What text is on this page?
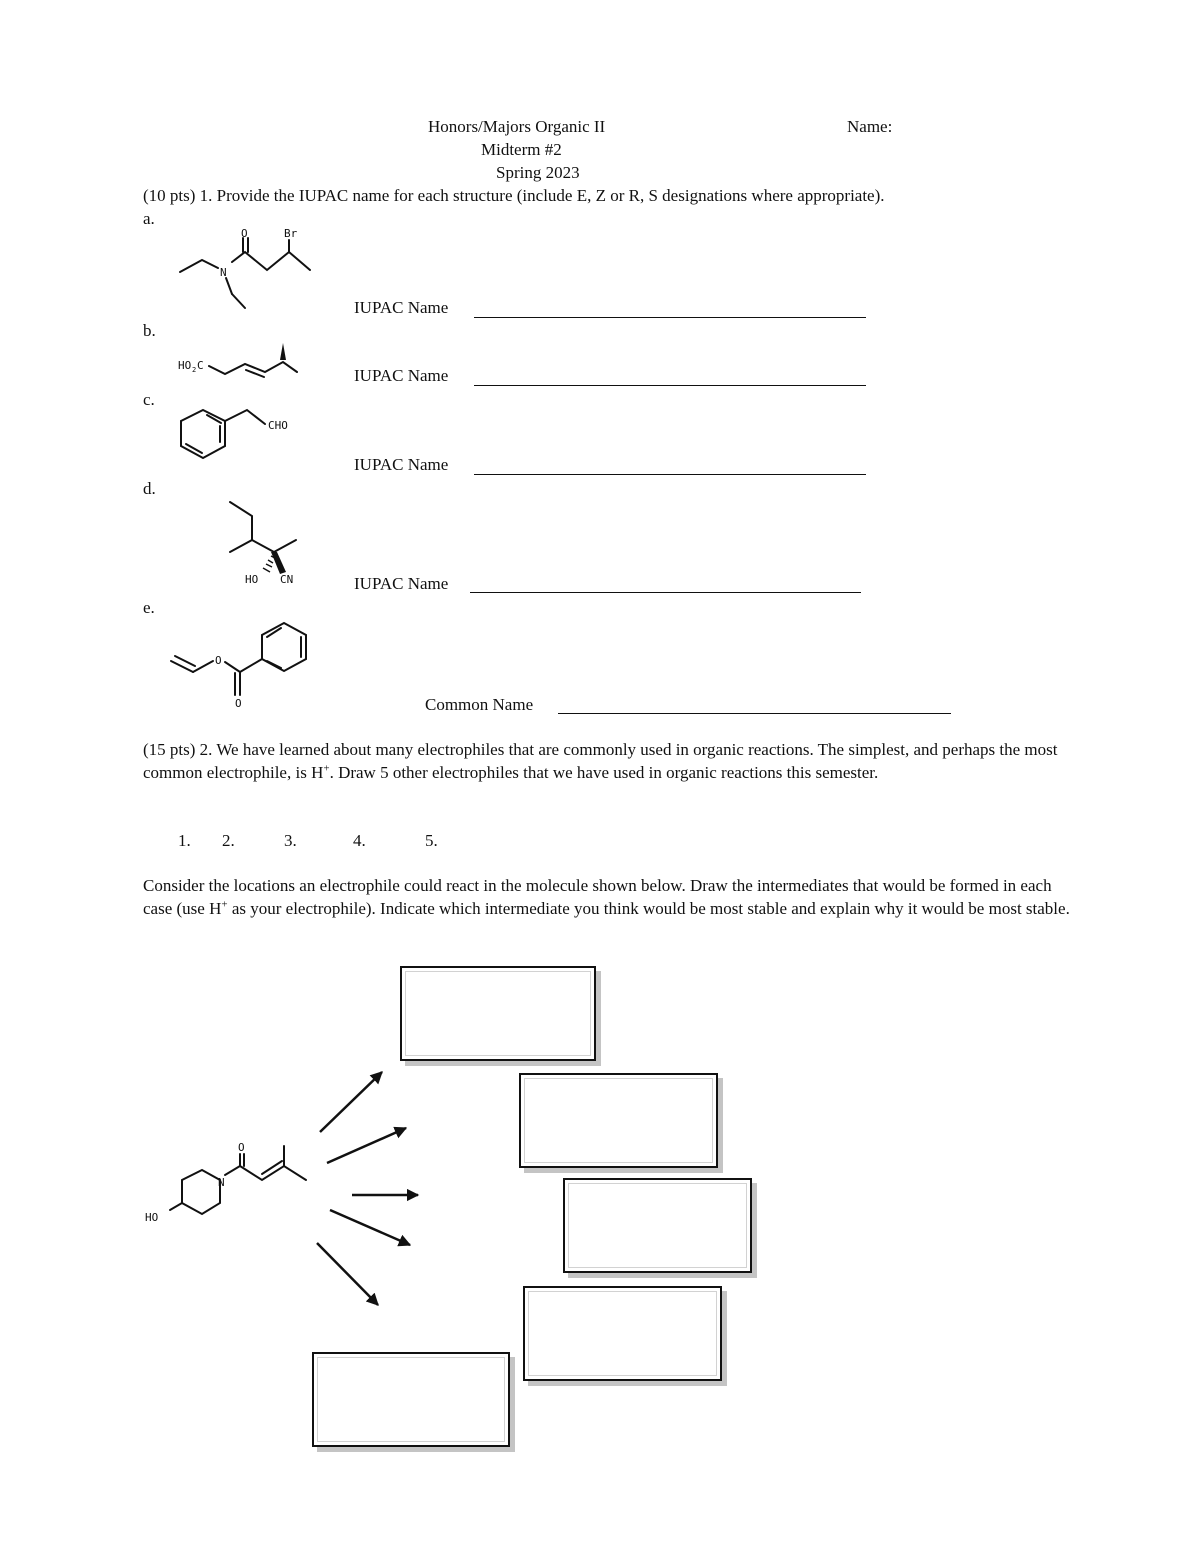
Honors/Majors Organic II	Name:
Midterm #2
Spring 2023
(10 pts) 1. Provide the IUPAC name for each structure (include E, Z or R, S designations where appropriate).
a.
O	Br
N
IUPAC Name
b.
HO 2 C
IUPAC Name
c.
CHO
IUPAC Name
d.
HO CN	IUPAC Name
e.
O
O	Common Name
(15 pts) 2. We have learned about many electrophiles that are commonly used in organic reactions. The simplest, and perhaps the most common electrophile, is H+. Draw 5 other electrophiles that we have used in organic reactions this semester.
1. 2.	3.	4.	5.
Consider the locations an electrophile could react in the molecule shown below. Draw the intermediates that would be formed in each case (use H+ as your electrophile). Indicate which intermediate you think would be most stable and explain why it would be most stable.
HO
N
O
